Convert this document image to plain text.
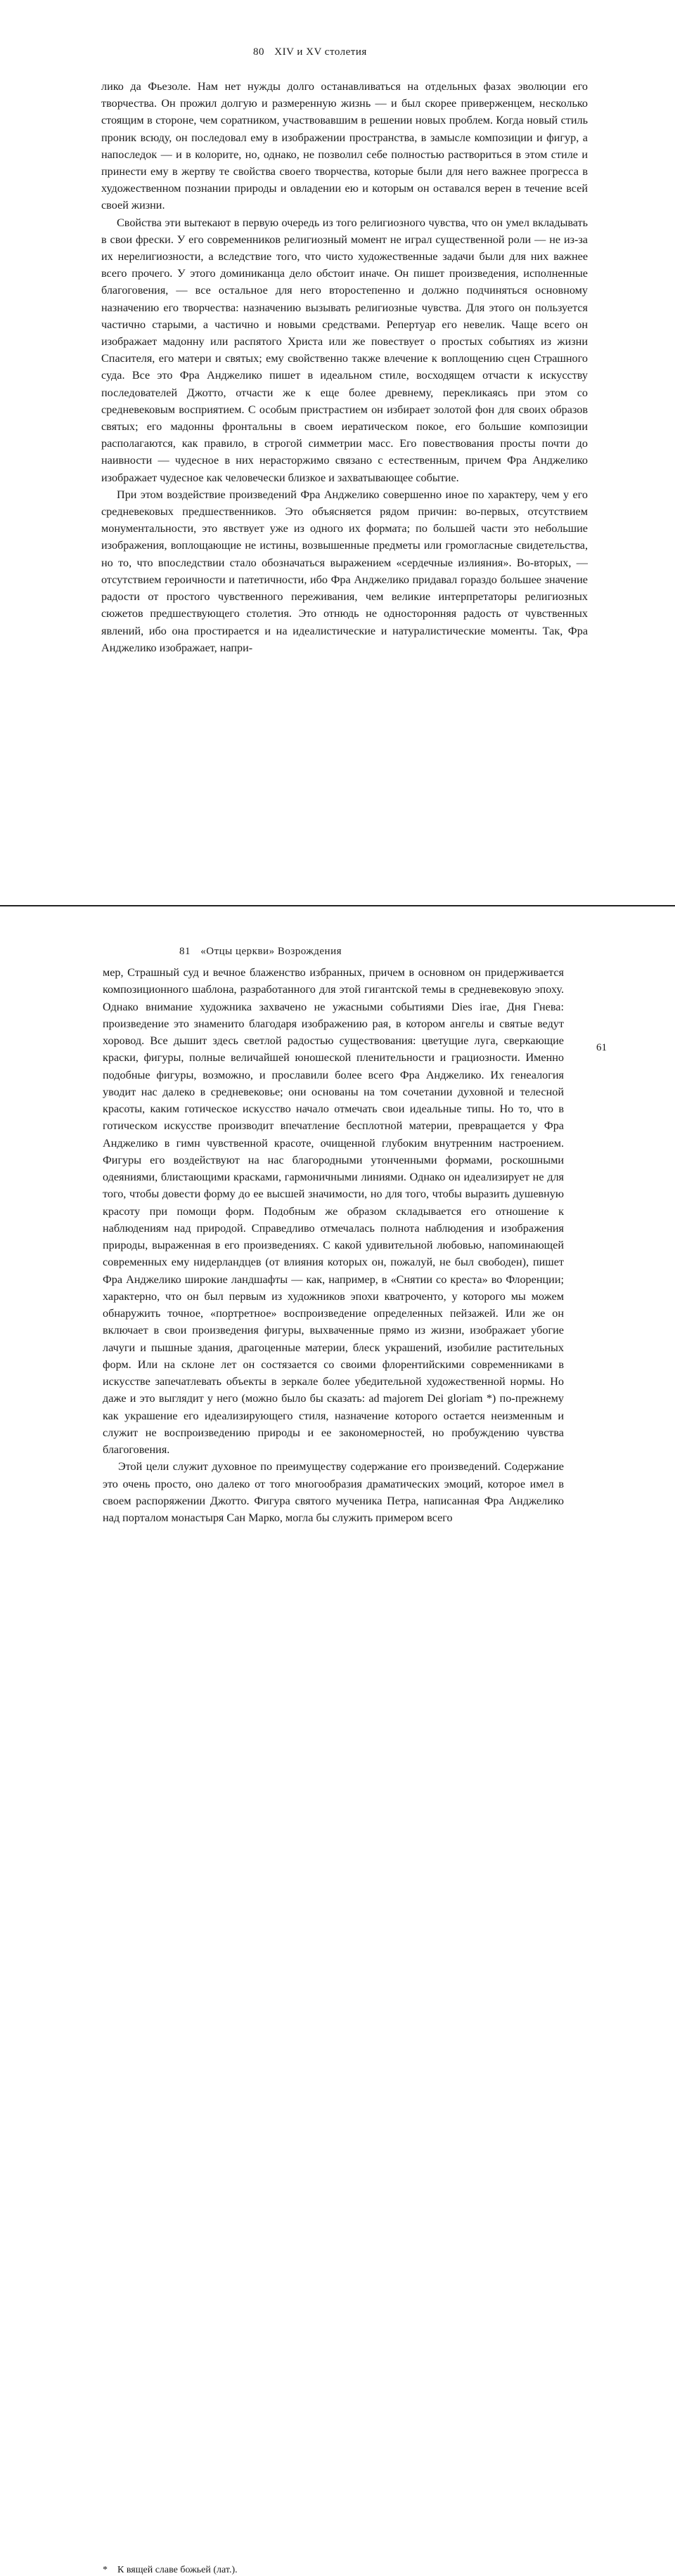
80 XIV и XV столетия

лико да Фьезоле. Нам нет нужды долго останавливаться на отдельных фазах эволюции его творчества. Он прожил долгую и размеренную жизнь — и был скорее приверженцем, несколько стоящим в стороне, чем соратником, участвовавшим в решении новых проблем. Когда новый стиль проник всюду, он последовал ему в изображении пространства, в замысле композиции и фигур, а напоследок — и в колорите, но, однако, не позволил себе полностью раствориться в этом стиле и принести ему в жертву те свойства своего творчества, которые были для него важнее прогресса в художественном познании природы и овладении ею и которым он оставался верен в течение всей своей жизни.

Свойства эти вытекают в первую очередь из того религиозного чувства, что он умел вкладывать в свои фрески. У его современников религиозный момент не играл существенной роли — не из-за их нерелигиозности, а вследствие того, что чисто художественные задачи были для них важнее всего прочего. У этого доминиканца дело обстоит иначе. Он пишет произведения, исполненные благоговения, — все остальное для него второстепенно и должно подчиняться основному назначению его творчества: назначению вызывать религиозные чувства. Для этого он пользуется частично старыми, а частично и новыми средствами. Репертуар его невелик. Чаще всего он изображает мадонну или распятого Христа или же повествует о простых событиях из жизни Спасителя, его матери и святых; ему свойственно также влечение к воплощению сцен Страшного суда. Все это Фра Анджелико пишет в идеальном стиле, восходящем отчасти к искусству последователей Джотто, отчасти же к еще более древнему, перекликаясь при этом со средневековым восприятием. С особым пристрастием он избирает золотой фон для своих образов святых; его мадонны фронтальны в своем иератическом покое, его большие композиции располагаются, как правило, в строгой симметрии масс. Его повествования просты почти до наивности — чудесное в них нерасторжимо связано с естественным, причем Фра Анджелико изображает чудесное как человечески близкое и захватывающее событие.

При этом воздействие произведений Фра Анджелико совершенно иное по характеру, чем у его средневековых предшественников. Это объясняется рядом причин: во-первых, отсутствием монументальности, это явствует уже из одного их формата; по большей части это небольшие изображения, воплощающие не истины, возвышенные предметы или громогласные свидетельства, но то, что впоследствии стало обозначаться выражением «сердечные излияния». Во-вторых, — отсутствием героичности и патетичности, ибо Фра Анджелико придавал гораздо большее значение радости от простого чувственного переживания, чем великие интерпретаторы религиозных сюжетов предшествующего столетия. Это отнюдь не односторонняя радость от чувственных явлений, ибо она простирается и на идеалистические и натуралистические моменты. Так, Фра Анджелико изображает, напри-

81 «Отцы церкви» Возрождения

мер, Страшный суд и вечное блаженство избранных, причем в основном он придерживается композиционного шаблона, разработанного для этой гигантской темы в средневековую эпоху. Однако внимание художника захвачено не ужасными событиями Dies irae, Дня Гнева: произведение это знаменито благодаря изображению рая, в котором ангелы и святые ведут хоровод. Все дышит здесь светлой радостью существования: цветущие луга, сверкающие краски, фигуры, полные величайшей юношеской пленительности и грациозности. Именно подобные фигуры, возможно, и прославили более всего Фра Анджелико. Их генеалогия уводит нас далеко в средневековье; они основаны на том сочетании духовной и телесной красоты, каким готическое искусство начало отмечать свои идеальные типы. Но то, что в готическом искусстве производит впечатление бесплотной материи, превращается у Фра Анджелико в гимн чувственной красоте, очищенной глубоким внутренним настроением. Фигуры его воздействуют на нас благородными утонченными формами, роскошными одеяниями, блистающими красками, гармоничными линиями. Однако он идеализирует не для того, чтобы довести форму до ее высшей значимости, но для того, чтобы выразить душевную красоту при помощи форм. Подобным же образом складывается его отношение к наблюдениям над природой. Справедливо отмечалась полнота наблюдения и изображения природы, выраженная в его произведениях. С какой удивительной любовью, напоминающей современных ему нидерландцев (от влияния которых он, пожалуй, не был свободен), пишет Фра Анджелико широкие ландшафты — как, например, в «Снятии со креста» во Флоренции; характерно, что он был первым из художников эпохи кватроченто, у которого мы можем обнаружить точное, «портретное» воспроизведение определенных пейзажей. Или же он включает в свои произведения фигуры, выхваченные прямо из жизни, изображает убогие лачуги и пышные здания, драгоценные материи, блеск украшений, изобилие растительных форм. Или на склоне лет он состязается со своими флорентийскими современниками в искусстве запечатлевать объекты в зеркале более убедительной художественной нормы. Но даже и это выглядит у него (можно было бы сказать: ad majorem Dei gloriam *) по-прежнему как украшение его идеализирующего стиля, назначение которого остается неизменным и служит не воспроизведению природы и ее закономерностей, но пробуждению чувства благоговения.

Этой цели служит духовное по преимуществу содержание его произведений. Содержание это очень просто, оно далеко от того многообразия драматических эмоций, которое имел в своем распоряжении Джотто. Фигура святого мученика Петра, написанная Фра Анджелико над порталом монастыря Сан Марко, могла бы служить примером всего

* К вящей славе божьей (лат.).
61
